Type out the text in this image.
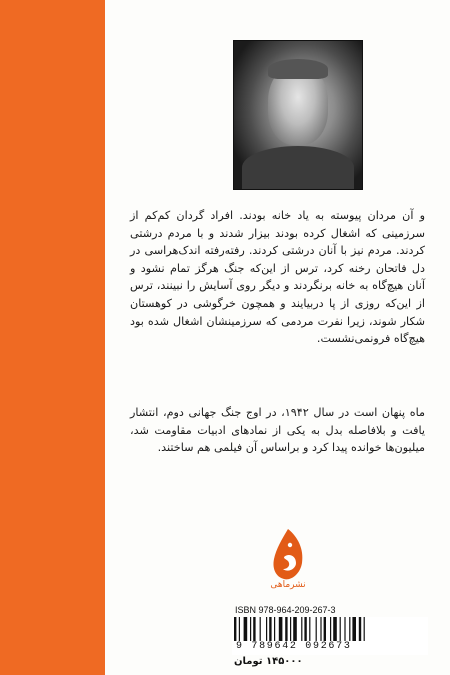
و آن مردان پیوسته به یاد خانه بودند. افراد گردان کم‌کم از سرزمینی که اشغال کرده بودند بیزار شدند و با مردم درشتی کردند. مردم نیز با آنان درشتی کردند. رفته‌رفته اندک‌هراسی در دل فاتحان رخنه کرد، ترس از این‌که جنگ هرگز تمام نشود و آنان هیچ‌گاه به خانه برنگردند و دیگر روی آسایش را نبینند، ترس از این‌که روزی از پا دربیایند و همچون خرگوشی در کوهستان شکار شوند، زیرا نفرت مردمی که سرزمینشان اشغال شده بود هیچ‌گاه فرونمی‌نشست.
ماه پنهان است در سال ۱۹۴۲، در اوج جنگ جهانی دوم، انتشار یافت و بلافاصله بدل به یکی از نمادهای ادبیات مقاومت شد، میلیون‌ها خوانده پیدا کرد و براساس آن فیلمی هم ساختند.
نشرماهی
ISBN 978-964-209-267-3
9 789642 092673
۱۴۵۰۰۰ تومان
